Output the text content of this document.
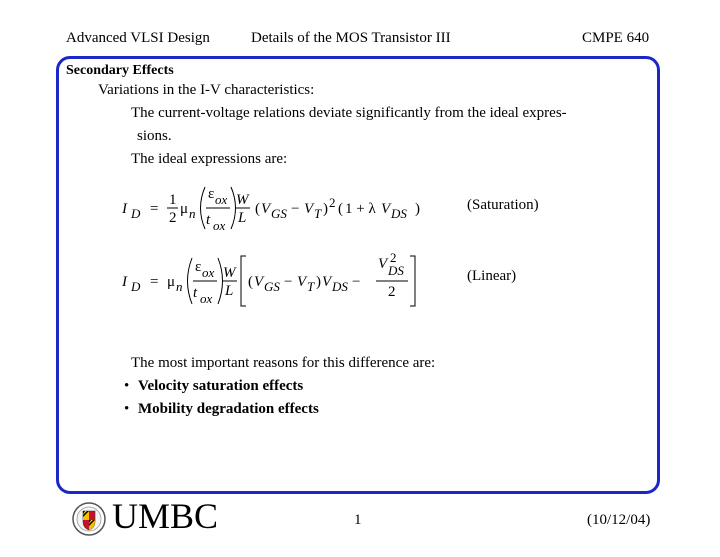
Advanced VLSI Design	Details of the MOS Transistor III	CMPE 640
Secondary Effects
Variations in the I-V characteristics:
The current-voltage relations deviate significantly from the ideal expres-
sions.
The ideal expressions are:
I D =
1
2
μ n
ε ox
t ox
W
L
( V GS − V T ) 2 ( 1 + λ V DS )	(Saturation)
I D = μ n
ε ox
t ox
W
L
( V GS − V T ) V DS −
V 2
DS
2
(Linear)
The most important reasons for this difference are:
• Velocity saturation effects
• Mobility degradation effects
UMBC	1	(10/12/04)
